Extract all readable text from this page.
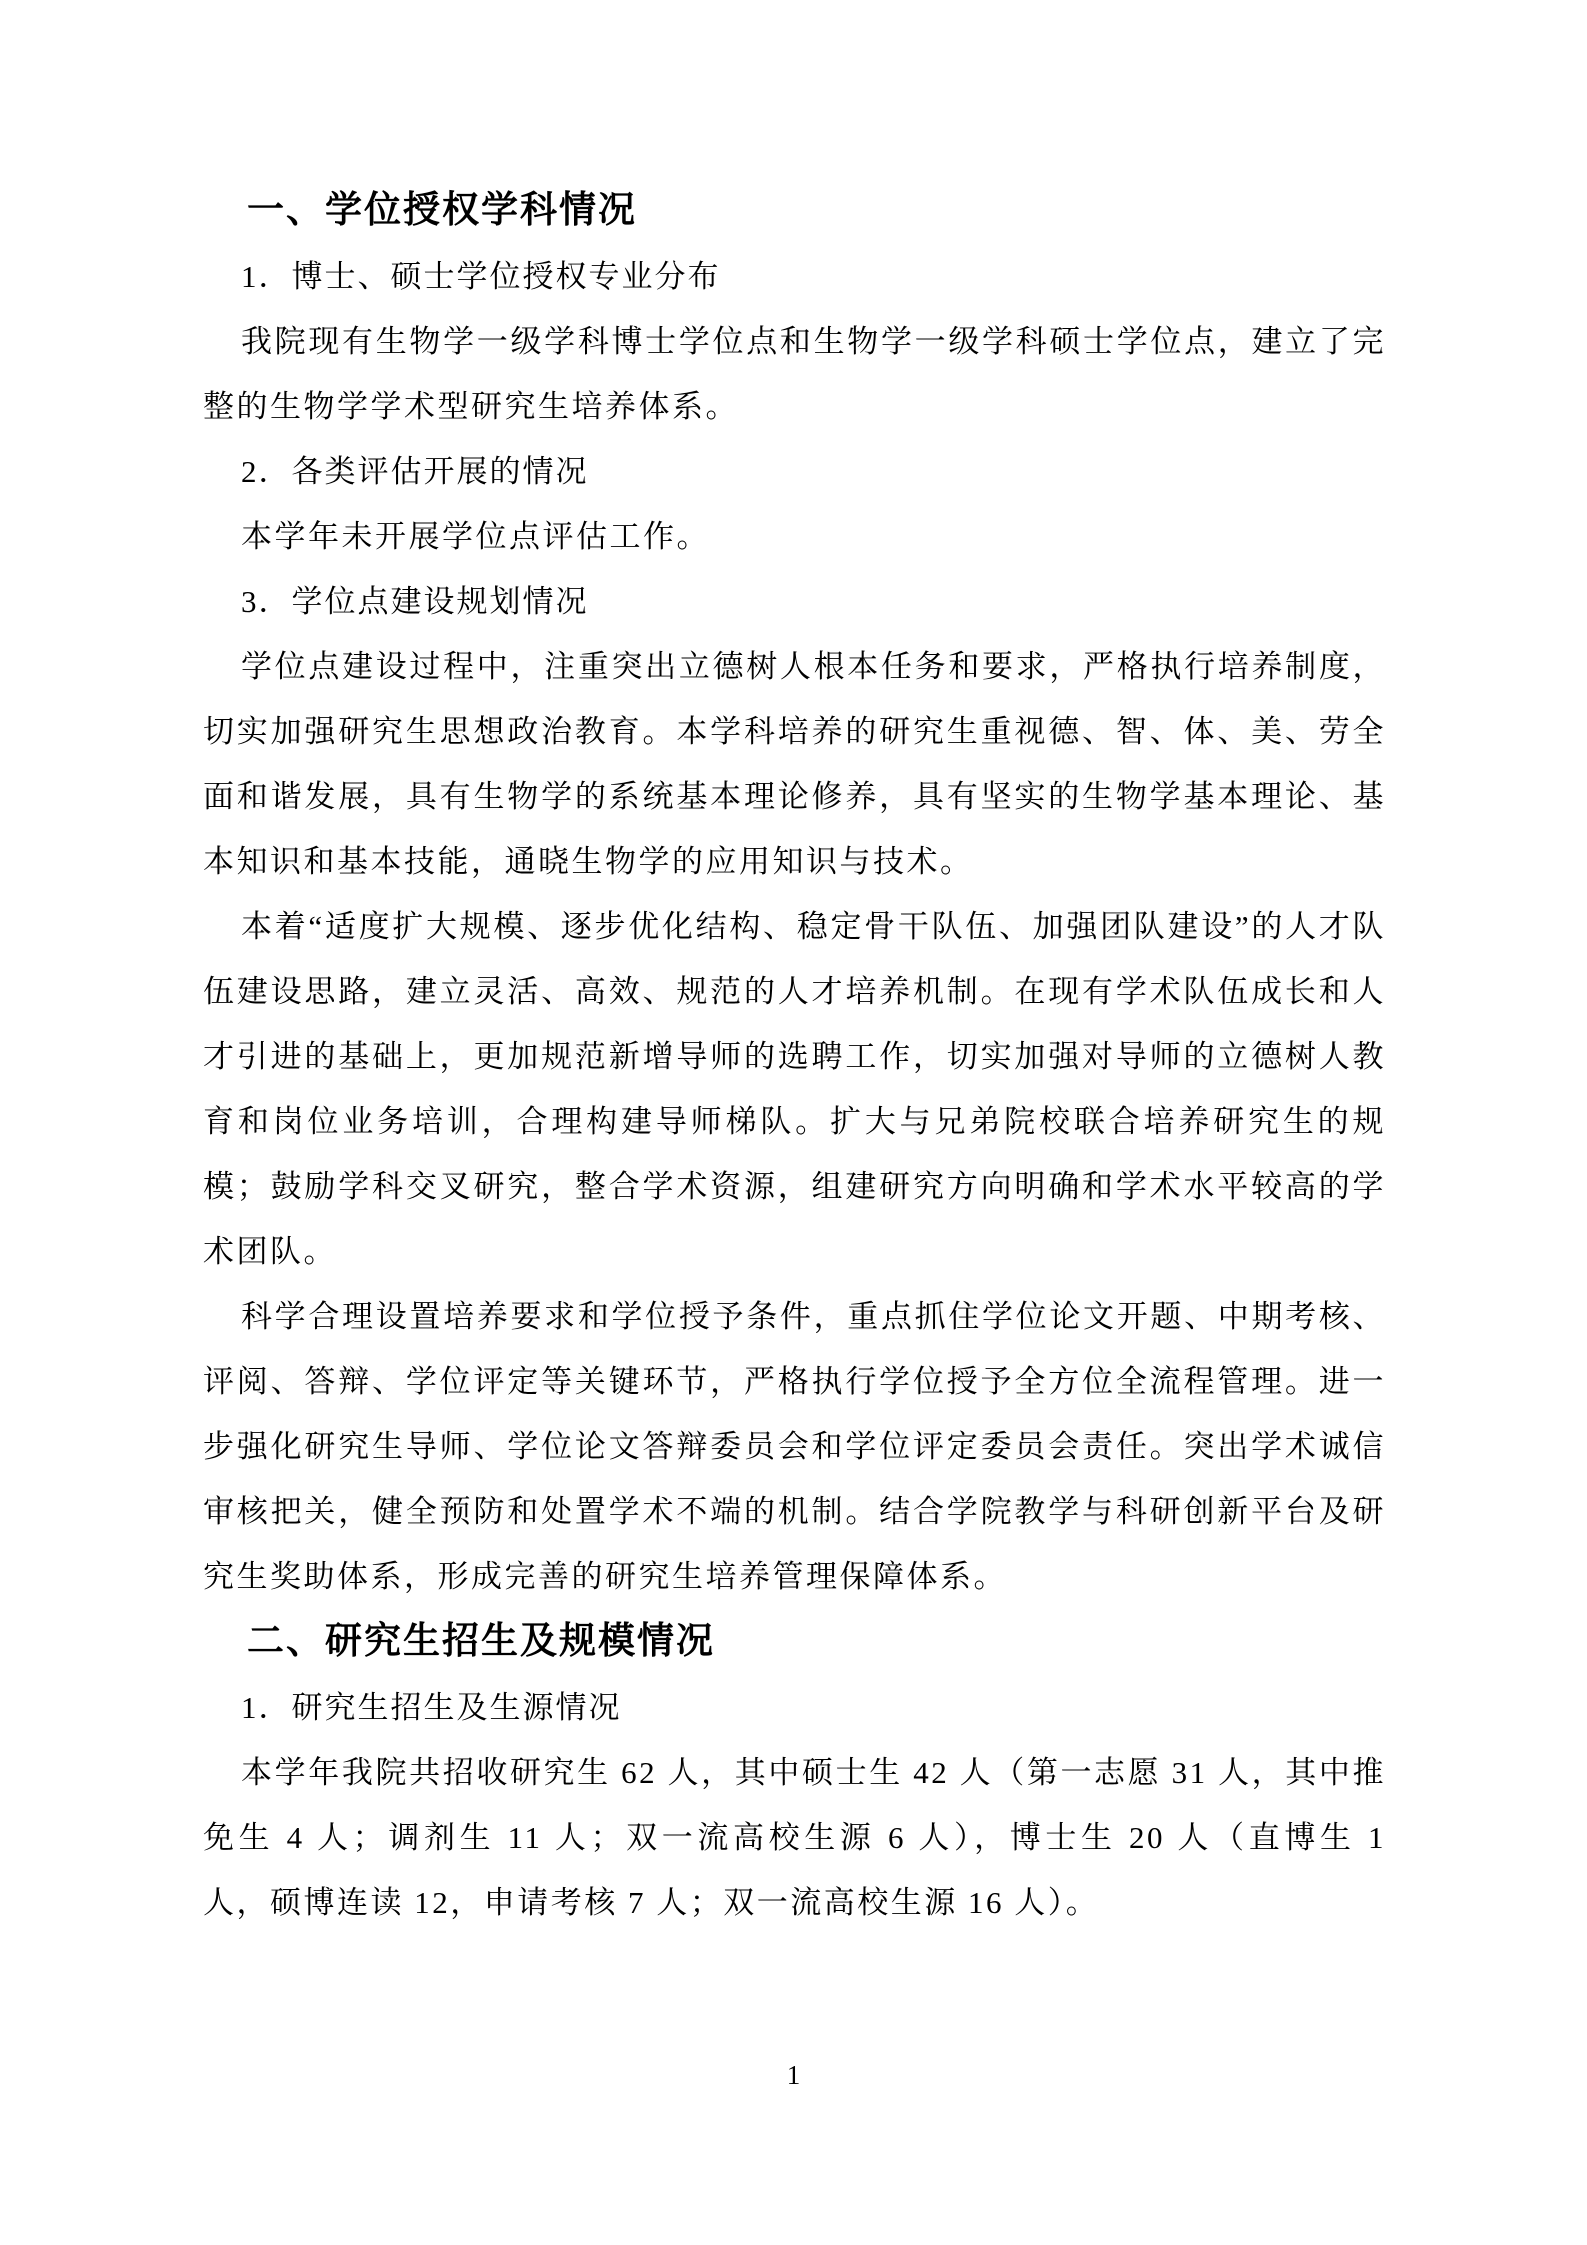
一、学位授权学科情况

1．博士、硕士学位授权专业分布

我院现有生物学一级学科博士学位点和生物学一级学科硕士学位点，建立了完整的生物学学术型研究生培养体系。

2．各类评估开展的情况

本学年未开展学位点评估工作。

3．学位点建设规划情况

学位点建设过程中，注重突出立德树人根本任务和要求，严格执行培养制度，切实加强研究生思想政治教育。本学科培养的研究生重视德、智、体、美、劳全面和谐发展，具有生物学的系统基本理论修养，具有坚实的生物学基本理论、基本知识和基本技能，通晓生物学的应用知识与技术。

本着“适度扩大规模、逐步优化结构、稳定骨干队伍、加强团队建设”的人才队伍建设思路，建立灵活、高效、规范的人才培养机制。在现有学术队伍成长和人才引进的基础上，更加规范新增导师的选聘工作，切实加强对导师的立德树人教育和岗位业务培训，合理构建导师梯队。扩大与兄弟院校联合培养研究生的规模；鼓励学科交叉研究，整合学术资源，组建研究方向明确和学术水平较高的学术团队。

科学合理设置培养要求和学位授予条件，重点抓住学位论文开题、中期考核、评阅、答辩、学位评定等关键环节，严格执行学位授予全方位全流程管理。进一步强化研究生导师、学位论文答辩委员会和学位评定委员会责任。突出学术诚信审核把关，健全预防和处置学术不端的机制。结合学院教学与科研创新平台及研究生奖助体系，形成完善的研究生培养管理保障体系。

二、研究生招生及规模情况

1．研究生招生及生源情况

本学年我院共招收研究生 62 人，其中硕士生 42 人（第一志愿 31 人，其中推免生 4 人；调剂生 11 人；双一流高校生源 6 人），博士生 20 人（直博生 1 人，硕博连读 12，申请考核 7 人；双一流高校生源 16 人）。

1
